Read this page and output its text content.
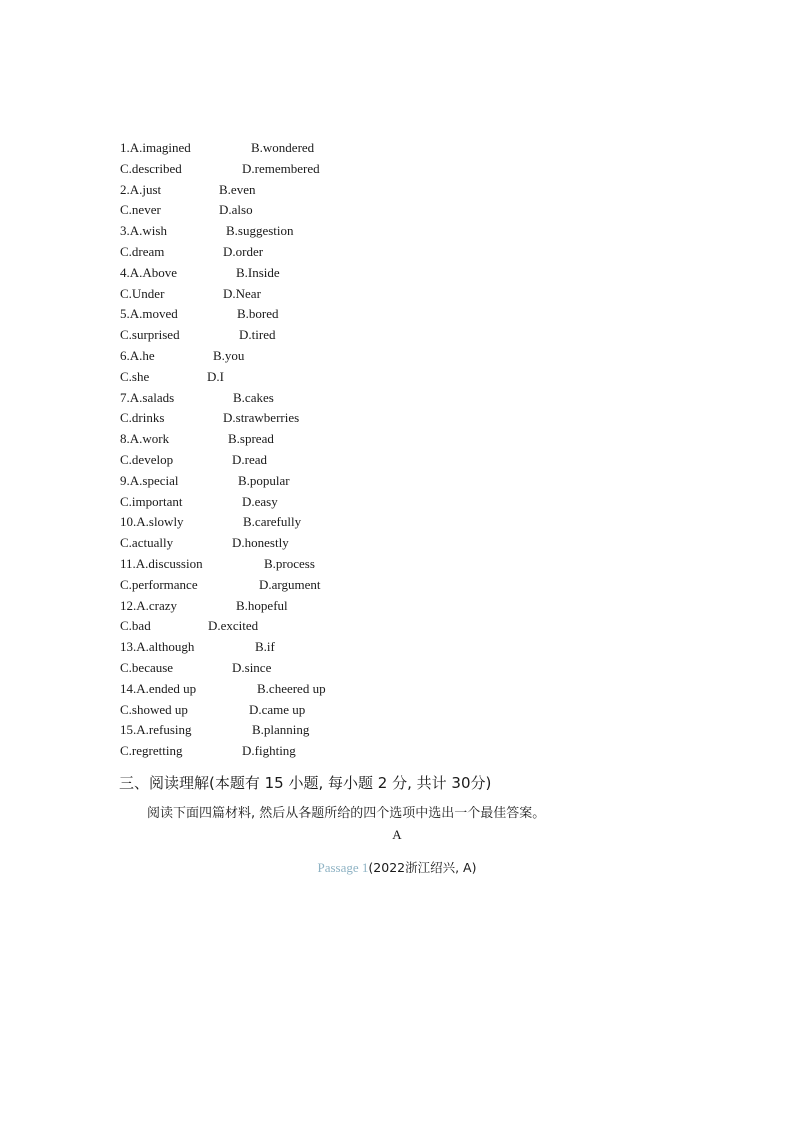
1.A.imagined	B.wondered
C.described	D.remembered
2.A.just	B.even
C.never	D.also
3.A.wish	B.suggestion
C.dream	D.order
4.A.Above	B.Inside
C.Under	D.Near
5.A.moved	B.bored
C.surprised	D.tired
6.A.he	B.you
C.she	D.I
7.A.salads	B.cakes
C.drinks	D.strawberries
8.A.work	B.spread
C.develop	D.read
9.A.special	B.popular
C.important	D.easy
10.A.slowly	B.carefully
C.actually	D.honestly
11.A.discussion	B.process
C.performance	D.argument
12.A.crazy	B.hopeful
C.bad	D.excited
13.A.although	B.if
C.because	D.since
14.A.ended up	B.cheered up
C.showed up	D.came up
15.A.refusing	B.planning
C.regretting	D.fighting
三、阅读理解(本题有 15 小题, 每小题 2 分, 共计 30分)
阅读下面四篇材料, 然后从各题所给的四个选项中选出一个最佳答案。
A
Passage 1(2022浙江绍兴, A)
